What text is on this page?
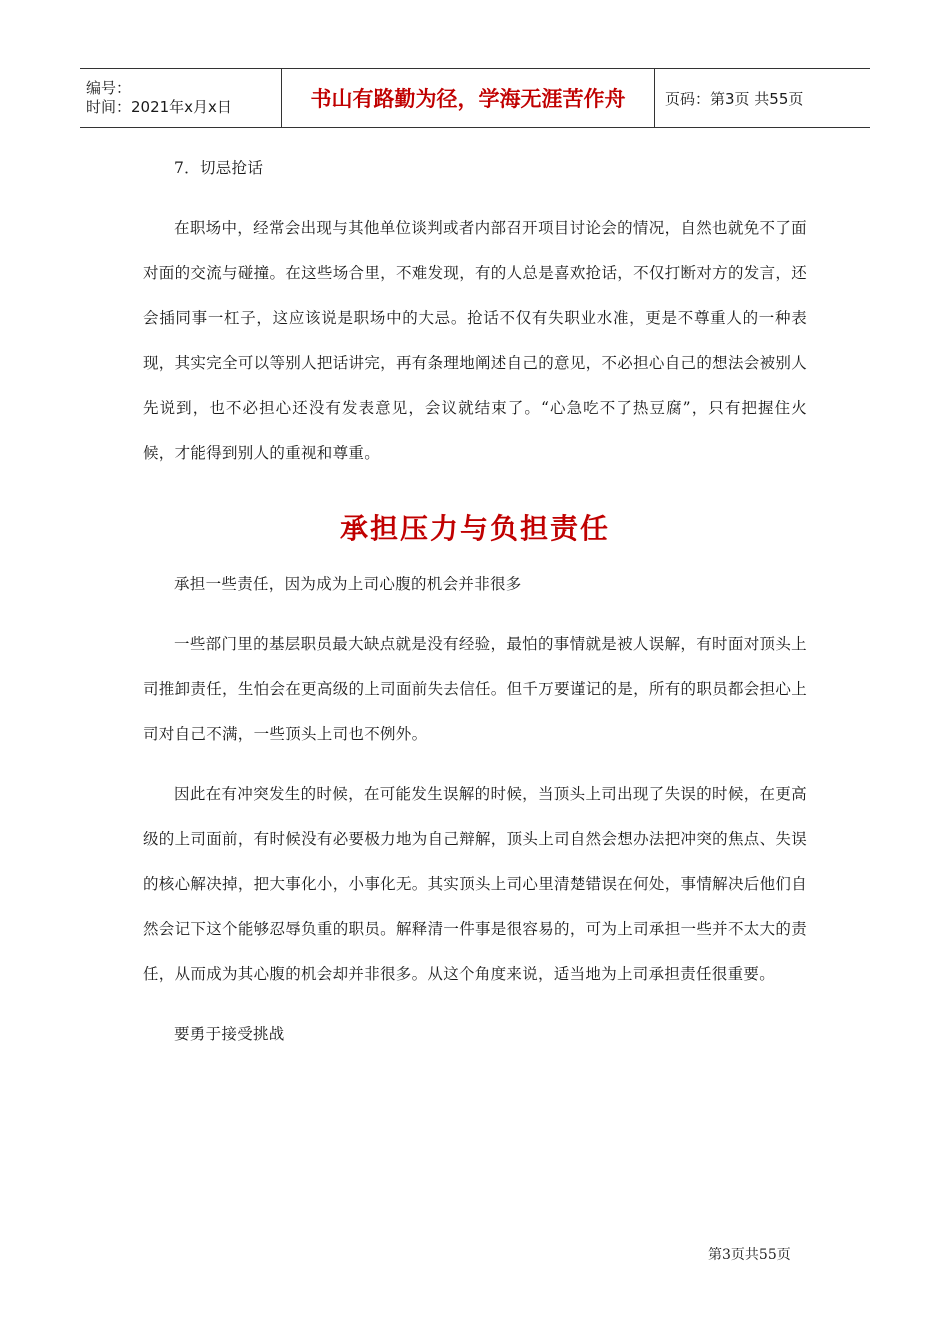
编号：
时间：2021年x月x日	书山有路勤为径，学海无涯苦作舟	页码：第3页 共55页

7．切忌抢话

在职场中，经常会出现与其他单位谈判或者内部召开项目讨论会的情况，自然也就免不了面对面的交流与碰撞。在这些场合里，不难发现，有的人总是喜欢抢话，不仅打断对方的发言，还会插同事一杠子，这应该说是职场中的大忌。抢话不仅有失职业水准，更是不尊重人的一种表现，其实完全可以等别人把话讲完，再有条理地阐述自己的意见，不必担心自己的想法会被别人先说到，也不必担心还没有发表意见，会议就结束了。“心急吃不了热豆腐”，只有把握住火候，才能得到别人的重视和尊重。

承担压力与负担责任

承担一些责任，因为成为上司心腹的机会并非很多

一些部门里的基层职员最大缺点就是没有经验，最怕的事情就是被人误解，有时面对顶头上司推卸责任，生怕会在更高级的上司面前失去信任。但千万要谨记的是，所有的职员都会担心上司对自己不满，一些顶头上司也不例外。

因此在有冲突发生的时候，在可能发生误解的时候，当顶头上司出现了失误的时候，在更高级的上司面前，有时候没有必要极力地为自己辩解，顶头上司自然会想办法把冲突的焦点、失误的核心解决掉，把大事化小，小事化无。其实顶头上司心里清楚错误在何处，事情解决后他们自然会记下这个能够忍辱负重的职员。解释清一件事是很容易的，可为上司承担一些并不太大的责任，从而成为其心腹的机会却并非很多。从这个角度来说，适当地为上司承担责任很重要。

要勇于接受挑战

第3页共55页
